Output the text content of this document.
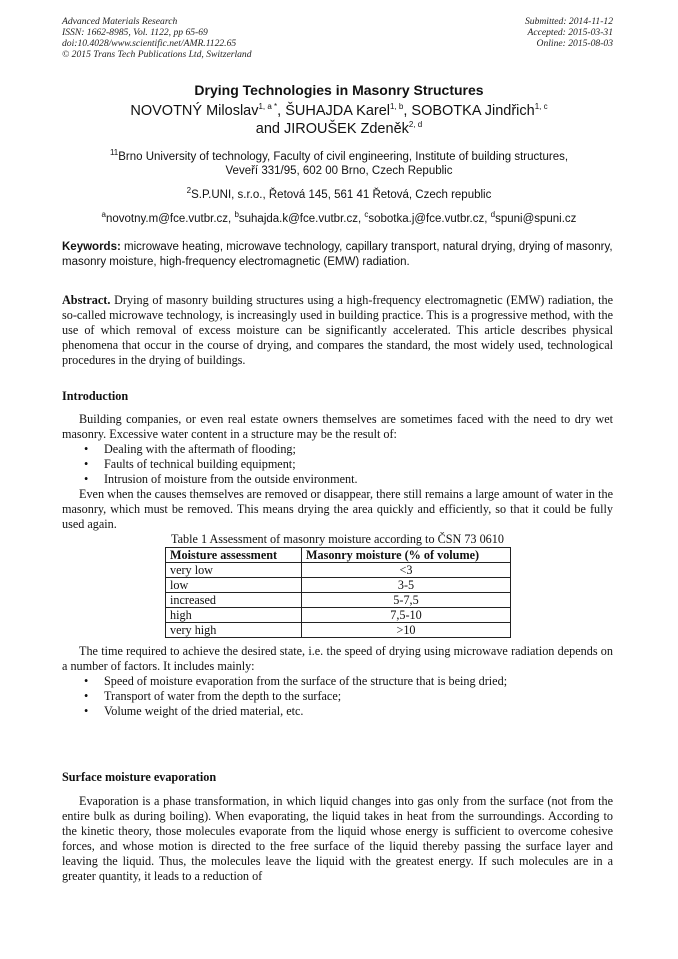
Advanced Materials Research
ISSN: 1662-8985, Vol. 1122, pp 65-69
doi:10.4028/www.scientific.net/AMR.1122.65
© 2015 Trans Tech Publications Ltd, Switzerland
Submitted: 2014-11-12
Accepted: 2015-03-31
Online: 2015-08-03
Drying Technologies in Masonry Structures
NOVOTNÝ Miloslav$^{1, a *}$, ŠUHAJDA Karel$^{1, b}$, SOBOTKA Jindřich$^{1, c}$
and JIROUŠEK Zdeněk$^{2, d}$
$^{11}$Brno University of technology, Faculty of civil engineering, Institute of building structures,
Veveří 331/95, 602 00 Brno, Czech Republic
$^2$S.P.UNI, s.r.o., Řetová 145, 561 41 Řetová, Czech republic
$^a$novotny.m@fce.vutbr.cz, $^b$suhajda.k@fce.vutbr.cz, $^c$sobotka.j@fce.vutbr.cz, $^d$spuni@spuni.cz
Keywords: microwave heating, microwave technology, capillary transport, natural drying, drying of masonry, masonry moisture, high-frequency electromagnetic (EMW) radiation.
Abstract. Drying of masonry building structures using a high-frequency electromagnetic (EMW) radiation, the so-called microwave technology, is increasingly used in building practice. This is a progressive method, with the use of which removal of excess moisture can be significantly accelerated. This article describes physical phenomena that occur in the course of drying, and compares the standard, the most widely used, technological procedures in the drying of buildings.
Introduction

Building companies, or even real estate owners themselves are sometimes faced with the need to dry wet masonry. Excessive water content in a structure may be the result of:

• Dealing with the aftermath of flooding;
• Faults of technical building equipment;
• Intrusion of moisture from the outside environment.

Even when the causes themselves are removed or disappear, there still remains a large amount of water in the masonry, which must be removed. This means drying the area quickly and efficiently, so that it could be fully used again.

Table 1 Assessment of masonry moisture according to ČSN 73 0610

Moisture assessment	Masonry moisture (% of volume)
very low	<3
low	3-5
increased	5-7,5
high	7,5-10
very high	>10

The time required to achieve the desired state, i.e. the speed of drying using microwave radiation depends on a number of factors. It includes mainly:

• Speed of moisture evaporation from the surface of the structure that is being dried;
• Transport of water from the depth to the surface;
• Volume weight of the dried material, etc.
Surface moisture evaporation

Evaporation is a phase transformation, in which liquid changes into gas only from the surface (not from the entire bulk as during boiling). When evaporating, the liquid takes in heat from the surroundings. According to the kinetic theory, those molecules evaporate from the liquid whose energy is sufficient to overcome cohesive forces, and whose motion is directed to the free surface of the liquid thereby passing the surface layer and leaving the liquid. Thus, the molecules leave the liquid with the greatest energy. If such molecules are in a greater quantity, it leads to a reduction of
